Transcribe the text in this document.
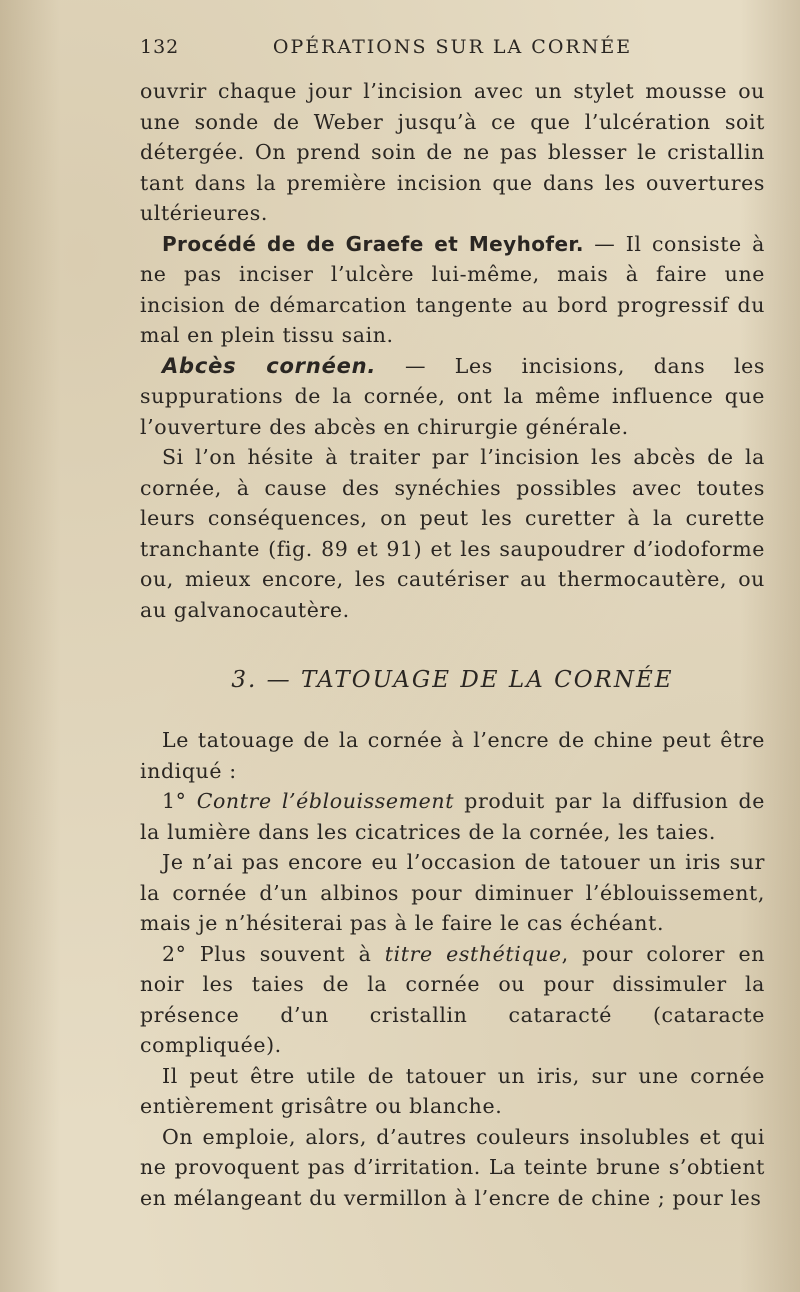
132	OPÉRATIONS SUR LA CORNÉE

ouvrir chaque jour l’incision avec un stylet mousse ou une sonde de Weber jusqu’à ce que l’ulcération soit détergée. On prend soin de ne pas blesser le cristallin tant dans la première incision que dans les ouvertures ultérieures.

Procédé de de Graefe et Meyhofer. — Il consiste à ne pas inciser l’ulcère lui-même, mais à faire une incision de démarcation tangente au bord progressif du mal en plein tissu sain.

Abcès cornéen. — Les incisions, dans les suppurations de la cornée, ont la même influence que l’ouverture des abcès en chirurgie générale.

Si l’on hésite à traiter par l’incision les abcès de la cornée, à cause des synéchies possibles avec toutes leurs conséquences, on peut les curetter à la curette tranchante (fig. 89 et 91) et les saupoudrer d’iodoforme ou, mieux encore, les cautériser au thermocautère, ou au galvanocautère.

3. — TATOUAGE DE LA CORNÉE

Le tatouage de la cornée à l’encre de chine peut être indiqué :

1° Contre l’éblouissement produit par la diffusion de la lumière dans les cicatrices de la cornée, les taies.

Je n’ai pas encore eu l’occasion de tatouer un iris sur la cornée d’un albinos pour diminuer l’éblouissement, mais je n’hésiterai pas à le faire le cas échéant.

2° Plus souvent à titre esthétique, pour colorer en noir les taies de la cornée ou pour dissimuler la présence d’un cristallin cataracté (cataracte compliquée).

Il peut être utile de tatouer un iris, sur une cornée entièrement grisâtre ou blanche.

On emploie, alors, d’autres couleurs insolubles et qui ne provoquent pas d’irritation. La teinte brune s’obtient en mélangeant du vermillon à l’encre de chine ; pour les
